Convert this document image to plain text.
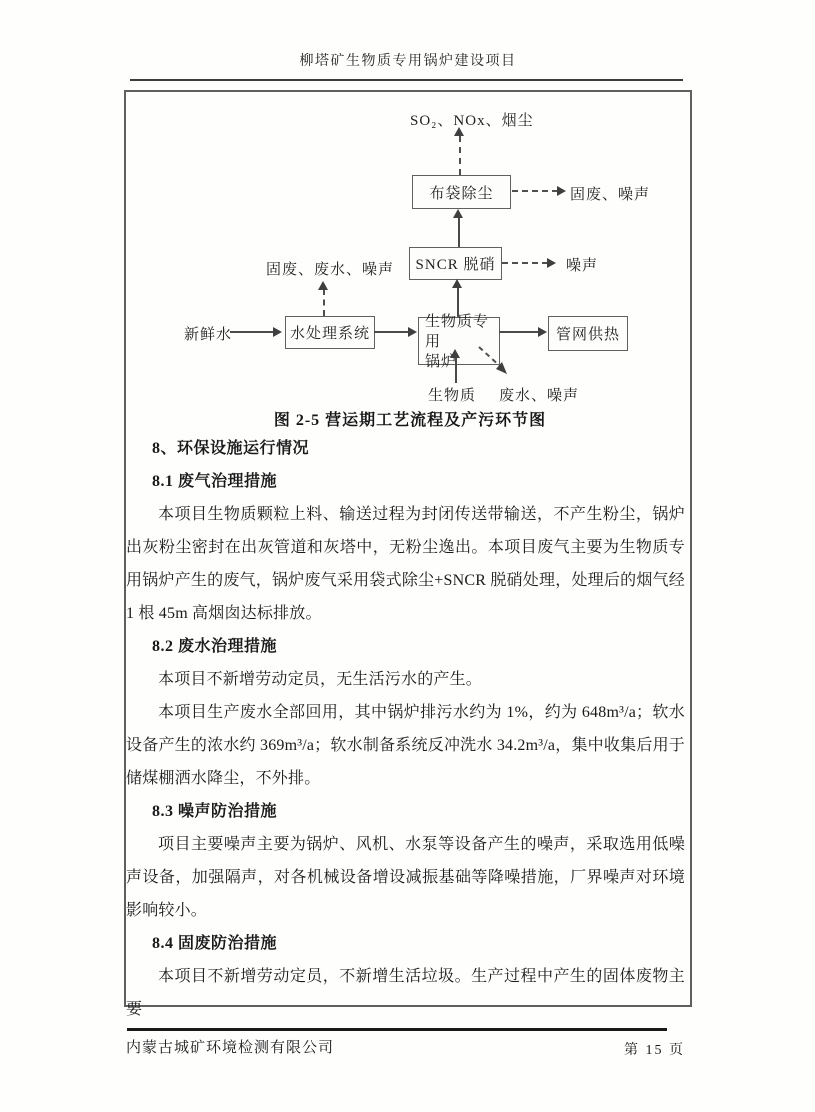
柳塔矿生物质专用锅炉建设项目
SO₂、NOx、烟尘
布袋除尘	固废、噪声
SNCR 脱硝	噪声
新鲜水	水处理系统
固废、废水、噪声
生物质专用
锅炉
管网供热
生物质 废水、噪声
图 2-5 营运期工艺流程及产污环节图
8、环保设施运行情况
8.1 废气治理措施

本项目生物质颗粒上料、输送过程为封闭传送带输送，不产生粉尘，锅炉出灰粉尘密封在出灰管道和灰塔中，无粉尘逸出。本项目废气主要为生物质专用锅炉产生的废气，锅炉废气采用袋式除尘+SNCR 脱硝处理，处理后的烟气经 1 根 45m 高烟囱达标排放。

8.2 废水治理措施

本项目不新增劳动定员，无生活污水的产生。

本项目生产废水全部回用，其中锅炉排污水约为 1%，约为 648m³/a；软水设备产生的浓水约 369m³/a；软水制备系统反冲洗水 34.2m³/a，集中收集后用于储煤棚洒水降尘，不外排。

8.3 噪声防治措施

项目主要噪声主要为锅炉、风机、水泵等设备产生的噪声，采取选用低噪声设备，加强隔声，对各机械设备增设减振基础等降噪措施，厂界噪声对环境影响较小。

8.4 固废防治措施

本项目不新增劳动定员，不新增生活垃圾。生产过程中产生的固体废物主要

内蒙古城矿环境检测有限公司	第 15 页
